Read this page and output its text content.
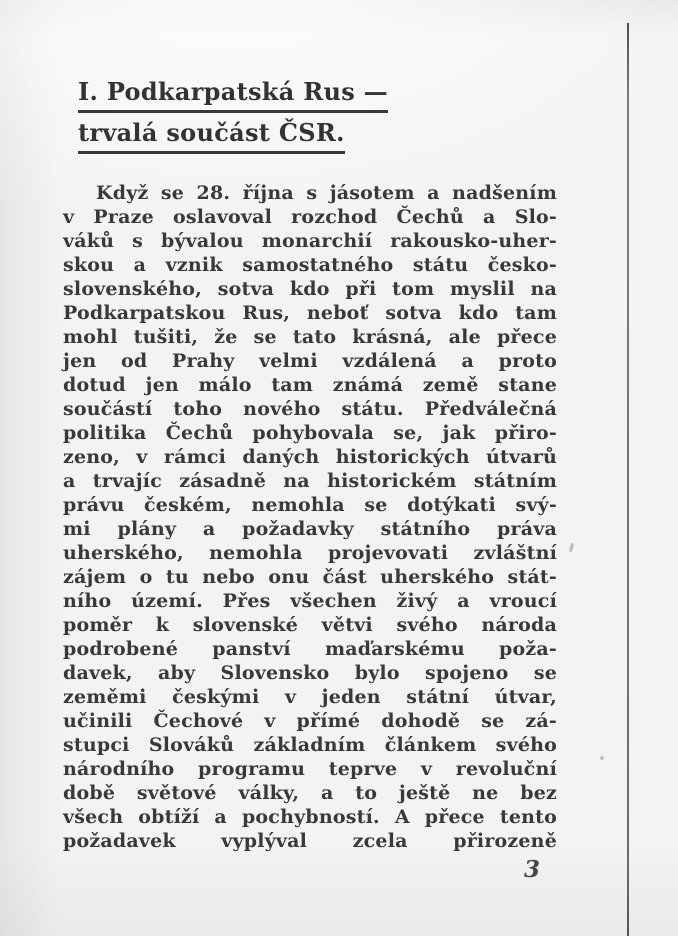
I. Podkarpatská Rus —
trvalá součást ČSR.
Když se 28. října s jásotem a nadšením
v Praze oslavoval rozchod Čechů a Slo-
váků s bývalou monarchií rakousko-uher-
skou a vznik samostatného státu česko-
slovenského, sotva kdo při tom myslil na
Podkarpatskou Rus, neboť sotva kdo tam
mohl tušiti, že se tato krásná, ale přece
jen od Prahy velmi vzdálená a proto
dotud jen málo tam známá země stane
součástí toho nového státu. Předválečná
politika Čechů pohybovala se, jak přiro-
zeno, v rámci daných historických útvarů
a trvajíc zásadně na historickém státním
právu českém, nemohla se dotýkati svý-
mi plány a požadavky státního práva
uherského, nemohla projevovati zvláštní
zájem o tu nebo onu část uherského stát-
ního území. Přes všechen živý a vroucí
poměr k slovenské větvi svého národa
podrobené panství maďarskému poža-
davek, aby Slovensko bylo spojeno se
zeměmi českými v jeden státní útvar,
učinili Čechové v přímé dohodě se zá-
stupci Slováků základním článkem svého
národního programu teprve v revoluční
době světové války, a to ještě ne bez
všech obtíží a pochybností. A přece tento
požadavek vyplýval zcela přirozeně
3
